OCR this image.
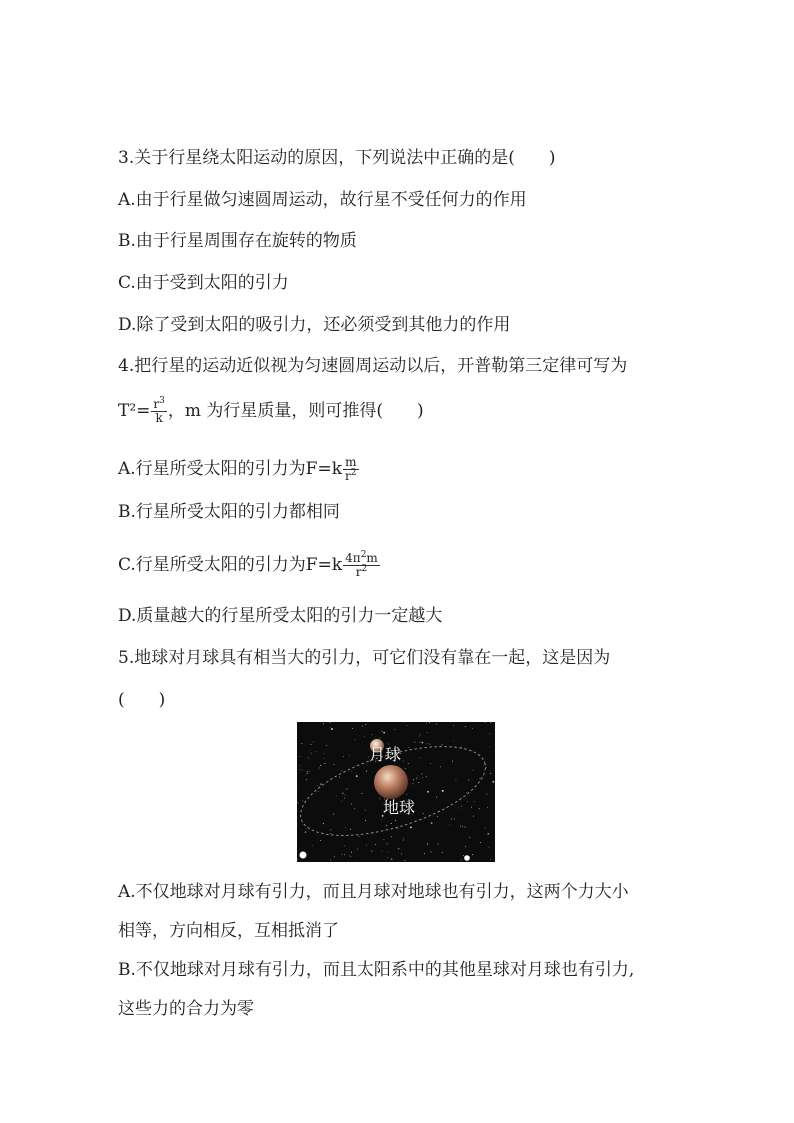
3.关于行星绕太阳运动的原因，下列说法中正确的是(　　)
A.由于行星做匀速圆周运动，故行星不受任何力的作用
B.由于行星周围存在旋转的物质
C.由于受到太阳的引力
D.除了受到太阳的吸引力，还必须受到其他力的作用
4.把行星的运动近似视为匀速圆周运动以后，开普勒第三定律可写为
$T^2= \frac{r^3}{k}$ ，m 为行星质量，则可推得(　　)
A.行星所受太阳的引力为$F=k \frac{m}{r^2}$
B.行星所受太阳的引力都相同
C.行星所受太阳的引力为$F=k \frac{4\pi^2m}{r^2}$
D.质量越大的行星所受太阳的引力一定越大
5.地球对月球具有相当大的引力，可它们没有靠在一起，这是因为
(　　)
月球
地球
A.不仅地球对月球有引力，而且月球对地球也有引力，这两个力大小
相等，方向相反，互相抵消了
B.不仅地球对月球有引力，而且太阳系中的其他星球对月球也有引力,
这些力的合力为零
